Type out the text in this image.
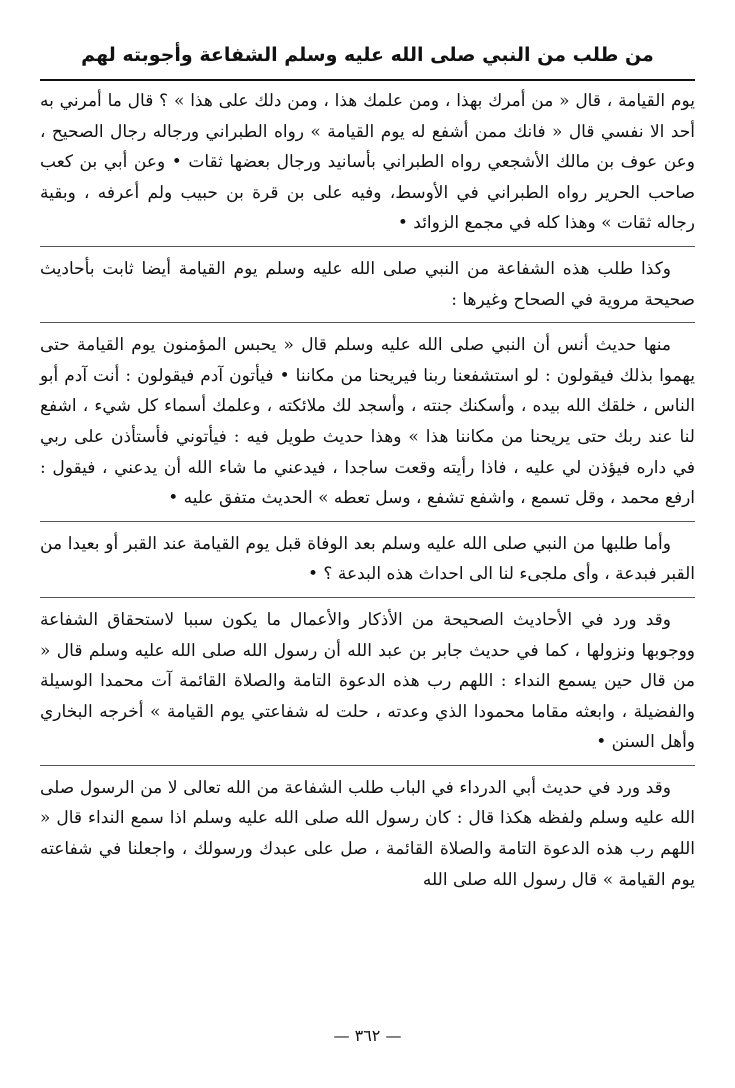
من طلب من النبي صلى الله عليه وسلم الشفاعة وأجوبته لهم

يوم القيامة ، قال « من أمرك بهذا ، ومن علمك هذا ، ومن دلك على هذا » ؟ قال ما أمرني به أحد الا نفسي قال « فانك ممن أشفع له يوم القيامة » رواه الطبراني ورجاله رجال الصحيح ، وعن عوف بن مالك الأشجعي رواه الطبراني بأسانيد ورجال بعضها ثقات • وعن أبي بن كعب صاحب الحرير رواه الطبراني في الأوسط، وفيه على بن قرة بن حبيب ولم أعرفه ، وبقية رجاله ثقات » وهذا كله في مجمع الزوائد •

وكذا طلب هذه الشفاعة من النبي صلى الله عليه وسلم يوم القيامة أيضا ثابت بأحاديث صحيحة مروية في الصحاح وغيرها :

منها حديث أنس أن النبي صلى الله عليه وسلم قال « يحبس المؤمنون يوم القيامة حتى يهموا بذلك فيقولون : لو استشفعنا ربنا فيريحنا من مكاننا • فيأتون آدم فيقولون : أنت آدم أبو الناس ، خلقك الله بيده ، وأسكنك جنته ، وأسجد لك ملائكته ، وعلمك أسماء كل شيء ، اشفع لنا عند ربك حتى يريحنا من مكاننا هذا » وهذا حديث طويل فيه : فيأتوني فأستأذن على ربي في داره فيؤذن لي عليه ، فاذا رأيته وقعت ساجدا ، فيدعني ما شاء الله أن يدعني ، فيقول : ارفع محمد ، وقل تسمع ، واشفع تشفع ، وسل تعطه » الحديث متفق عليه •

وأما طلبها من النبي صلى الله عليه وسلم بعد الوفاة قبل يوم القيامة عند القبر أو بعيدا من القبر فبدعة ، وأى ملجىء لنا الى احداث هذه البدعة ؟ •

وقد ورد في الأحاديث الصحيحة من الأذكار والأعمال ما يكون سببا لاستحقاق الشفاعة ووجوبها ونزولها ، كما في حديث جابر بن عبد الله أن رسول الله صلى الله عليه وسلم قال « من قال حين يسمع النداء : اللهم رب هذه الدعوة التامة والصلاة القائمة آت محمدا الوسيلة والفضيلة ، وابعثه مقاما محمودا الذي وعدته ، حلت له شفاعتي يوم القيامة » أخرجه البخاري وأهل السنن •

وقد ورد في حديث أبي الدرداء في الباب طلب الشفاعة من الله تعالى لا من الرسول صلى الله عليه وسلم ولفظه هكذا قال : كان رسول الله صلى الله عليه وسلم اذا سمع النداء قال « اللهم رب هذه الدعوة التامة والصلاة القائمة ، صل على عبدك ورسولك ، واجعلنا في شفاعته يوم القيامة » قال رسول الله صلى الله

— ٣٦٢ —
